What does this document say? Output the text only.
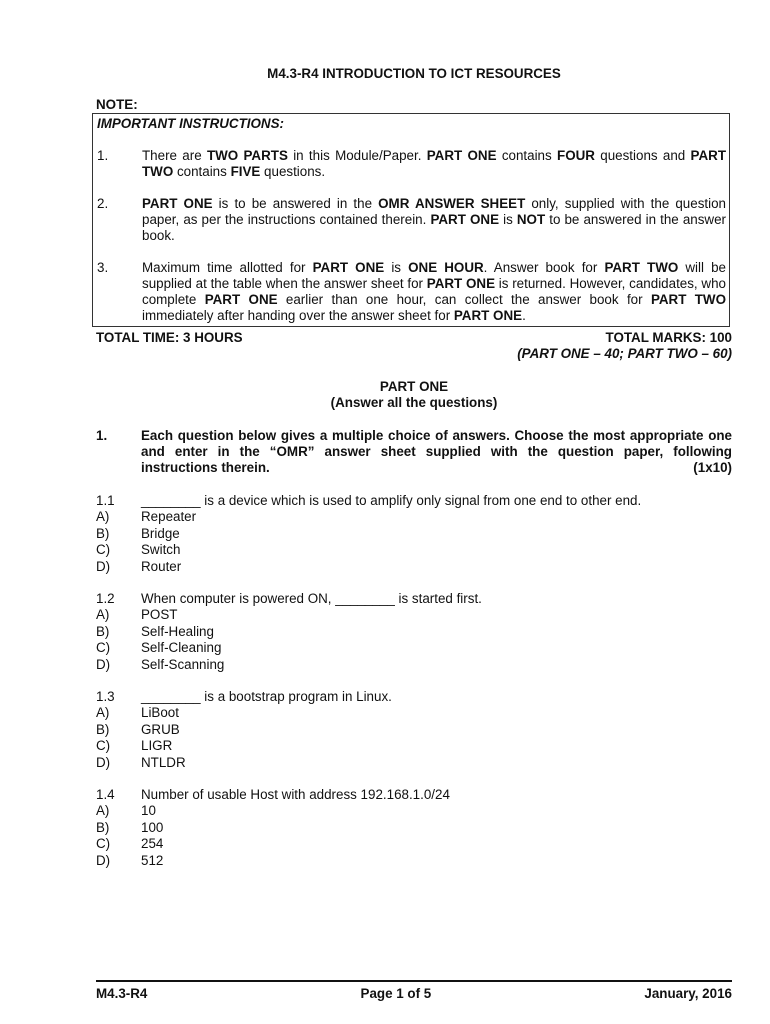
M4.3-R4 INTRODUCTION TO ICT RESOURCES
NOTE:
IMPORTANT INSTRUCTIONS:
1.	There are TWO PARTS in this Module/Paper. PART ONE contains FOUR questions and PART TWO contains FIVE questions.
2.	PART ONE is to be answered in the OMR ANSWER SHEET only, supplied with the question paper, as per the instructions contained therein. PART ONE is NOT to be answered in the answer book.
3.	Maximum time allotted for PART ONE is ONE HOUR. Answer book for PART TWO will be supplied at the table when the answer sheet for PART ONE is returned. However, candidates, who complete PART ONE earlier than one hour, can collect the answer book for PART TWO immediately after handing over the answer sheet for PART ONE.
TOTAL TIME: 3 HOURS	TOTAL MARKS: 100
(PART ONE – 40; PART TWO – 60)
PART ONE
(Answer all the questions)
1.	Each question below gives a multiple choice of answers. Choose the most appropriate one and enter in the “OMR” answer sheet supplied with the question paper, following instructions therein.	(1x10)
1.1	________ is a device which is used to amplify only signal from one end to other end.
A)	Repeater
B)	Bridge
C)	Switch
D)	Router
1.2	When computer is powered ON, ________ is started first.
A)	POST
B)	Self-Healing
C)	Self-Cleaning
D)	Self-Scanning
1.3	________ is a bootstrap program in Linux.
A)	LiBoot
B)	GRUB
C)	LIGR
D)	NTLDR
1.4	Number of usable Host with address 192.168.1.0/24
A)	10
B)	100
C)	254
D)	512
M4.3-R4	Page 1 of 5	January, 2016
